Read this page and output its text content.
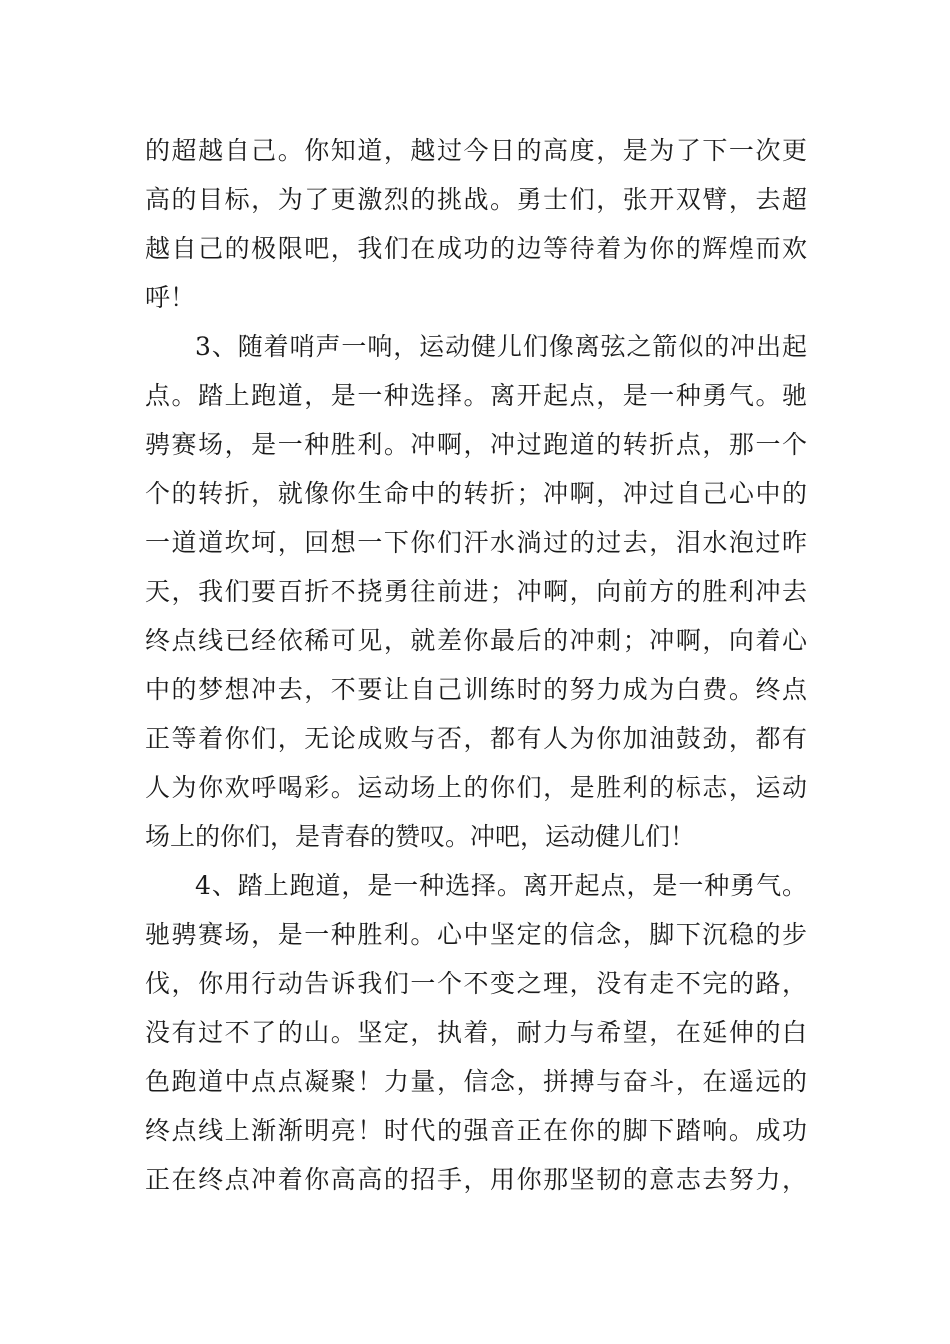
的超越自己。你知道，越过今日的高度，是为了下一次更
高的目标，为了更激烈的挑战。勇士们，张开双臂，去超
越自己的极限吧，我们在成功的边等待着为你的辉煌而欢
呼！
3、随着哨声一响，运动健儿们像离弦之箭似的冲出起
点。踏上跑道，是一种选择。离开起点，是一种勇气。驰
骋赛场，是一种胜利。冲啊，冲过跑道的转折点，那一个
个的转折，就像你生命中的转折；冲啊，冲过自己心中的
一道道坎坷，回想一下你们汗水淌过的过去，泪水泡过昨
天，我们要百折不挠勇往前进；冲啊，向前方的胜利冲去
终点线已经依稀可见，就差你最后的冲刺；冲啊，向着心
中的梦想冲去，不要让自己训练时的努力成为白费。终点
正等着你们，无论成败与否，都有人为你加油鼓劲，都有
人为你欢呼喝彩。运动场上的你们，是胜利的标志，运动
场上的你们，是青春的赞叹。冲吧，运动健儿们！
4、踏上跑道，是一种选择。离开起点，是一种勇气。
驰骋赛场，是一种胜利。心中坚定的信念，脚下沉稳的步
伐，你用行动告诉我们一个不变之理，没有走不完的路，
没有过不了的山。坚定，执着，耐力与希望，在延伸的白
色跑道中点点凝聚！力量，信念，拼搏与奋斗，在遥远的
终点线上渐渐明亮！时代的强音正在你的脚下踏响。成功
正在终点冲着你高高的招手，用你那坚韧的意志去努力，
